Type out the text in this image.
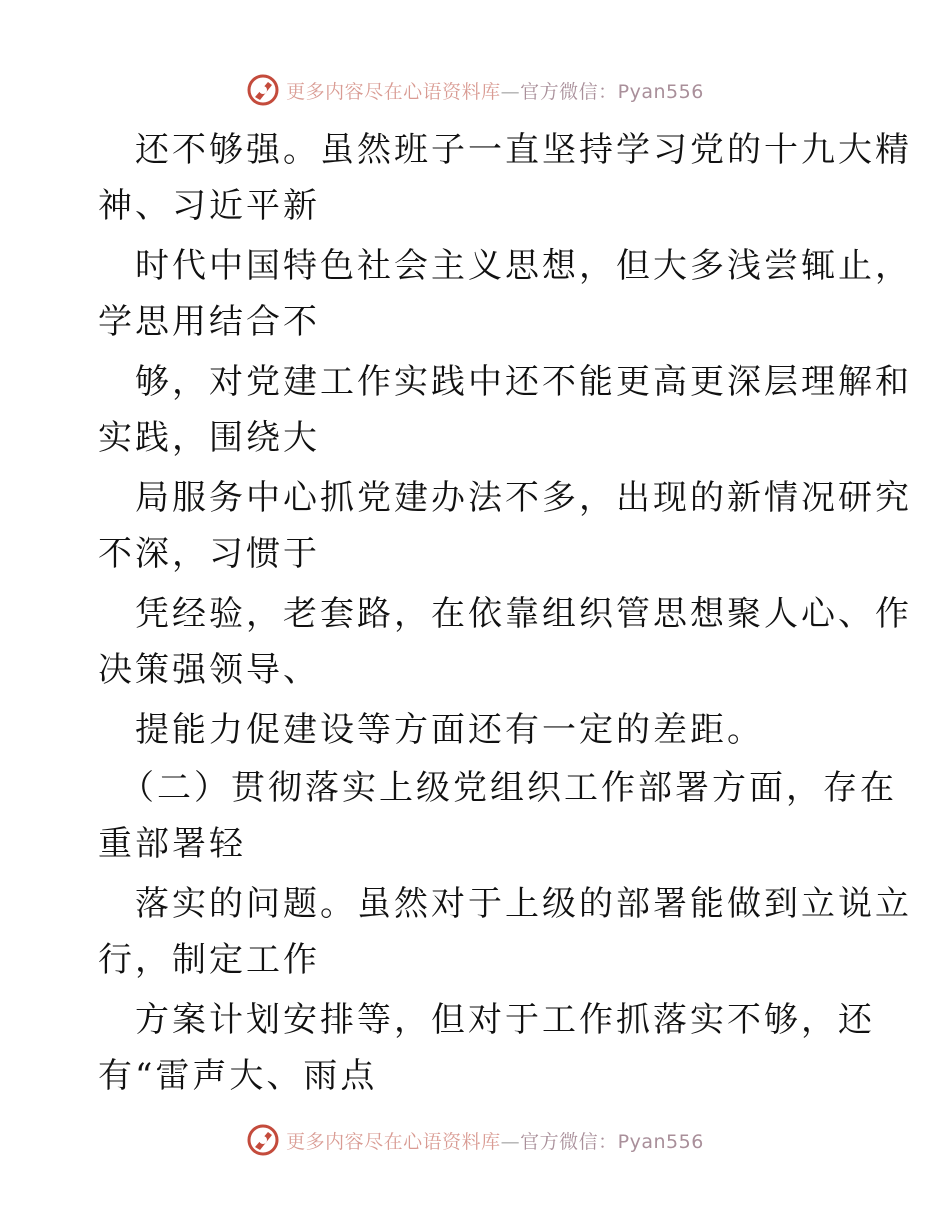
更多内容尽在心语资料库—官方微信：Pyan556
还不够强。虽然班子一直坚持学习党的十九大精
神、习近平新
时代中国特色社会主义思想，但大多浅尝辄止，
学思用结合不
够，对党建工作实践中还不能更高更深层理解和
实践，围绕大
局服务中心抓党建办法不多，出现的新情况研究
不深，习惯于
凭经验，老套路，在依靠组织管思想聚人心、作
决策强领导、
提能力促建设等方面还有一定的差距。
（二）贯彻落实上级党组织工作部署方面，存在
重部署轻
落实的问题。虽然对于上级的部署能做到立说立
行，制定工作
方案计划安排等，但对于工作抓落实不够，还
有“雷声大、雨点
更多内容尽在心语资料库—官方微信：Pyan556
